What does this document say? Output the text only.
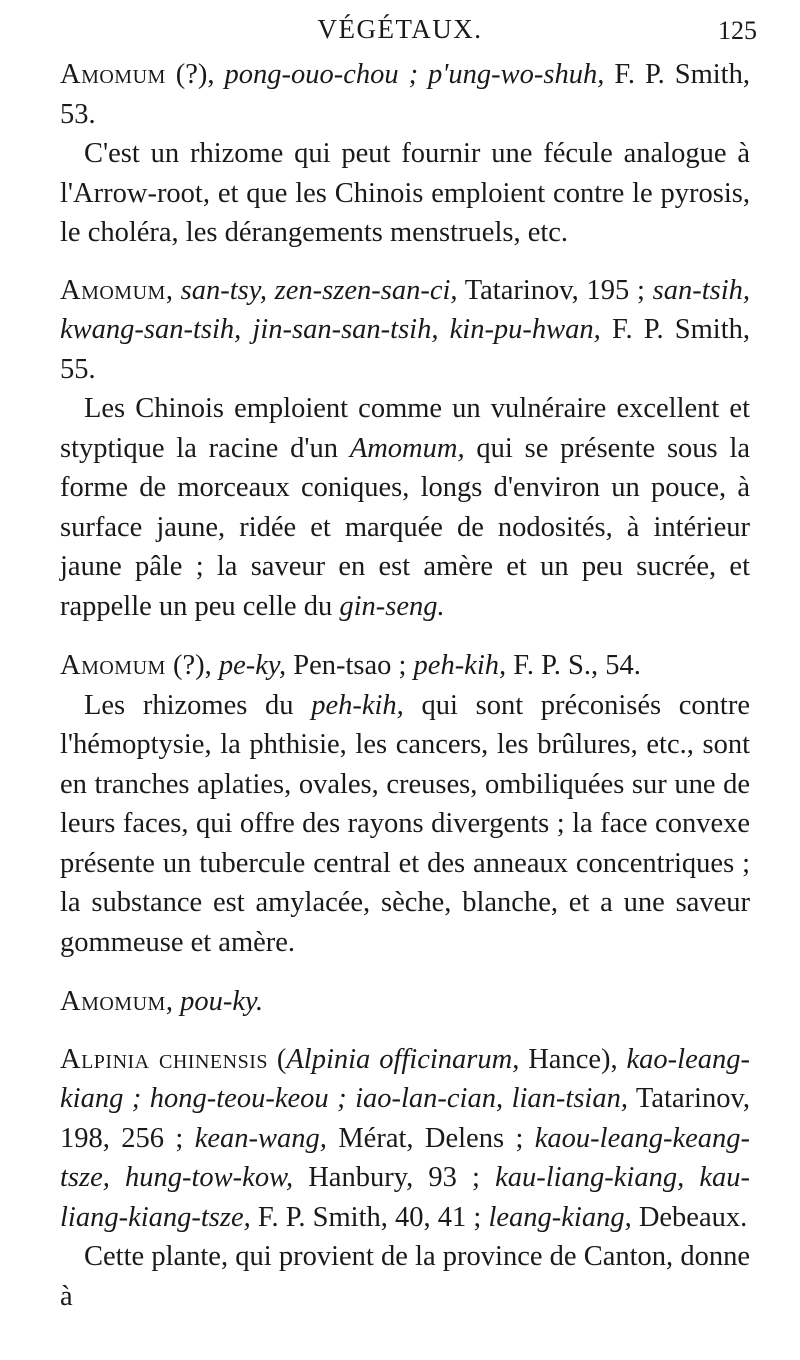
VÉGÉTAUX.	125

Amomum (?), pong-ouo-chou ; p'ung-wo-shuh, F. P. Smith, 53.

C'est un rhizome qui peut fournir une fécule analogue à l'Arrow-root, et que les Chinois emploient contre le pyrosis, le choléra, les dérangements menstruels, etc.

Amomum, san-tsy, zen-szen-san-ci, Tatarinov, 195 ; san-tsih, kwang-san-tsih, jin-san-san-tsih, kin-pu-hwan, F. P. Smith, 55.

Les Chinois emploient comme un vulnéraire excellent et styptique la racine d'un Amomum, qui se présente sous la forme de morceaux coniques, longs d'environ un pouce, à surface jaune, ridée et marquée de nodosités, à intérieur jaune pâle ; la saveur en est amère et un peu sucrée, et rappelle un peu celle du gin-seng.

Amomum (?), pe-ky, Pen-tsao ; peh-kih, F. P. S., 54.

Les rhizomes du peh-kih, qui sont préconisés contre l'hémoptysie, la phthisie, les cancers, les brûlures, etc., sont en tranches aplaties, ovales, creuses, ombiliquées sur une de leurs faces, qui offre des rayons divergents ; la face convexe présente un tubercule central et des anneaux concentriques ; la substance est amylacée, sèche, blanche, et a une saveur gommeuse et amère.

Amomum, pou-ky.

Alpinia chinensis (Alpinia officinarum, Hance), kao-leang-kiang ; hong-teou-keou ; iao-lan-cian, lian-tsian, Tatarinov, 198, 256 ; kean-wang, Mérat, Delens ; kaou-leang-keang-tsze, hung-tow-kow, Hanbury, 93 ; kau-liang-kiang, kau-liang-kiang-tsze, F. P. Smith, 40, 41 ; leang-kiang, Debeaux.

Cette plante, qui provient de la province de Canton, donne à
